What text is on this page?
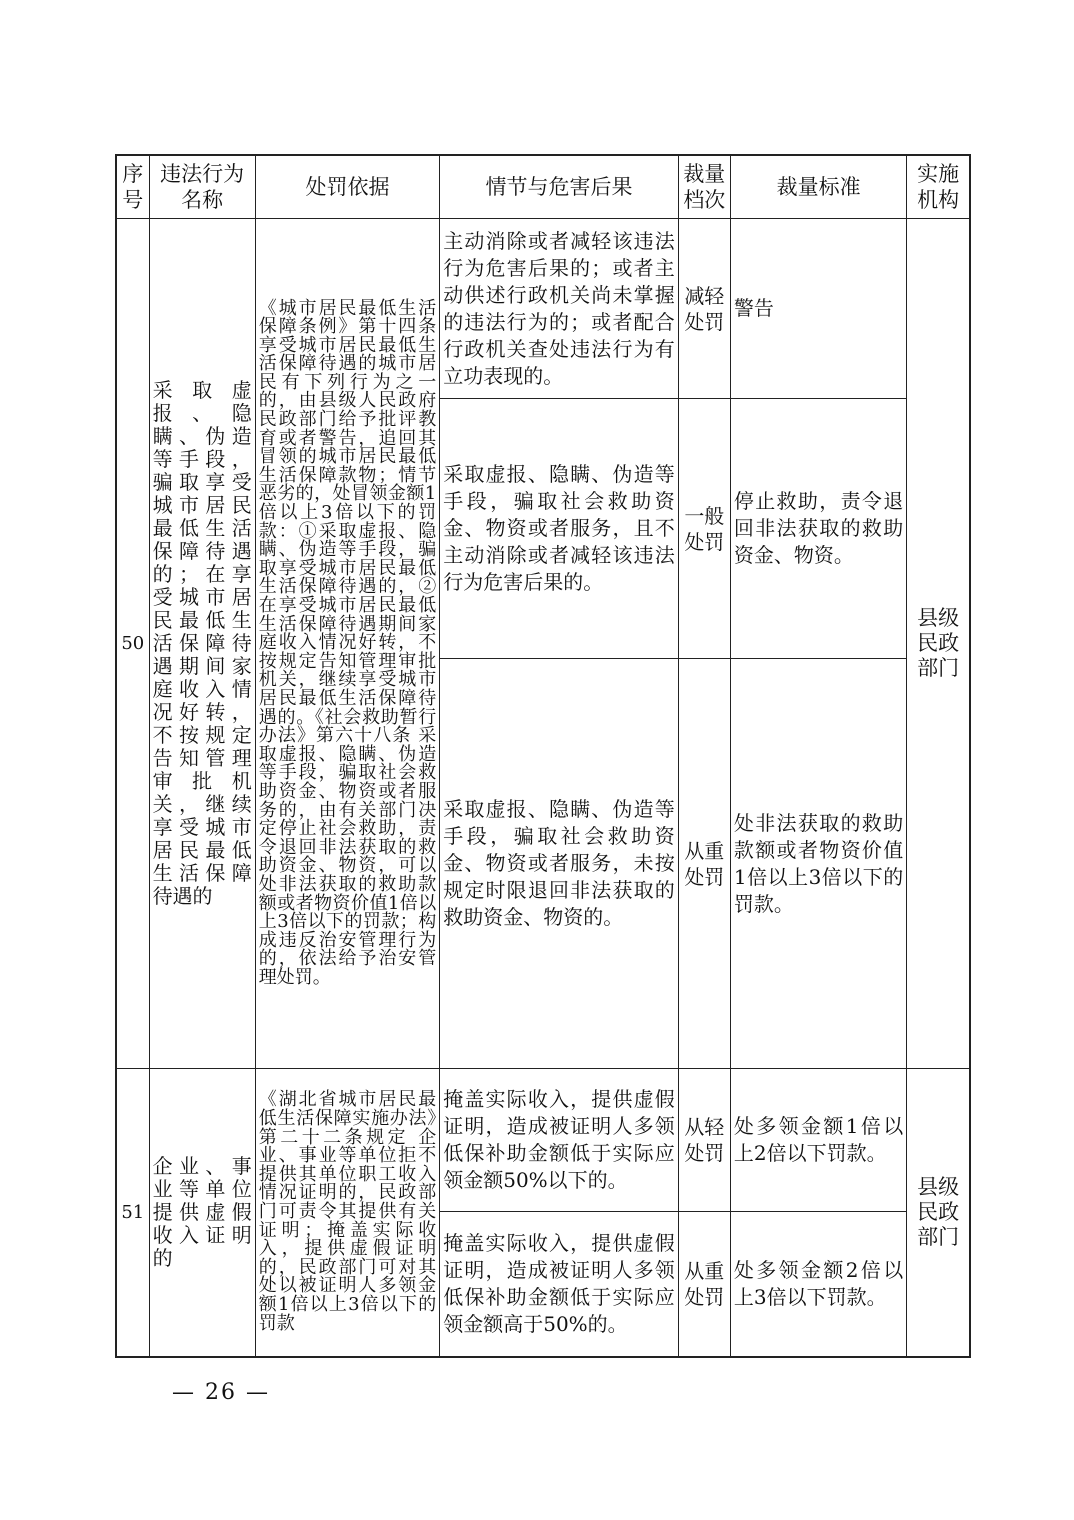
序号	违法行为名称	处罚依据	情节与危害后果	裁量档次	裁量标准	实施机构
50	采取虚报、隐瞒、伪造等手段，骗取享受城市居民最低生活保障待遇的；在享受城市居民最低生活保障待遇期间家庭收入情况好转，不按规定告知管理审批机关，继续享受城市居民最低生活保障待遇的	《城市居民最低生活保障条例》第十四条 享受城市居民最低生活保障待遇的城市居民有下列行为之一的，由县级人民政府民政部门给予批评教育或者警告，追回其冒领的城市居民最低生活保障款物；情节恶劣的，处冒领金额1倍以上3倍以下的罚款：①采取虚报、隐瞒、伪造等手段，骗取享受城市居民最低生活保障待遇的，②在享受城市居民最低生活保障待遇期间家庭收入情况好转，不按规定告知管理审批机关，继续享受城市居民最低生活保障待遇的。《社会救助暂行办法》第六十八条 采取虚报、隐瞒、伪造等手段，骗取社会救助资金、物资或者服务的，由有关部门决定停止社会救助，责令退回非法获取的救助资金、物资，可以处非法获取的救助款额或者物资价值1倍以上3倍以下的罚款；构成违反治安管理行为的，依法给予治安管理处罚。	主动消除或者减轻该违法行为危害后果的；或者主动供述行政机关尚未掌握的违法行为的；或者配合行政机关查处违法行为有立功表现的。	减轻处罚	警告	县级民政部门
			采取虚报、隐瞒、伪造等手段，骗取社会救助资金、物资或者服务，且不主动消除或者减轻该违法行为危害后果的。	一般处罚	停止救助，责令退回非法获取的救助资金、物资。	
			采取虚报、隐瞒、伪造等手段，骗取社会救助资金、物资或者服务，未按规定时限退回非法获取的救助资金、物资的。	从重处罚	处非法获取的救助款额或者物资价值1倍以上3倍以下的罚款。	
51	企业、事业等单位提供虚假收入证明的	《湖北省城市居民最低生活保障实施办法》第二十二条规定 企业、事业等单位拒不提供其单位职工收入情况证明的，民政部门可责令其提供有关证明；掩盖实际收入，提供虚假证明的，民政部门可对其处以被证明人多领金额1倍以上3倍以下的罚款	掩盖实际收入，提供虚假证明，造成被证明人多领低保补助金额低于实际应领金额50%以下的。	从轻处罚	处多领金额1倍以上2倍以下罚款。	县级民政部门
			掩盖实际收入，提供虚假证明，造成被证明人多领低保补助金额低于实际应领金额高于50%的。	从重处罚	处多领金额2倍以上3倍以下罚款。	
— 26 —
